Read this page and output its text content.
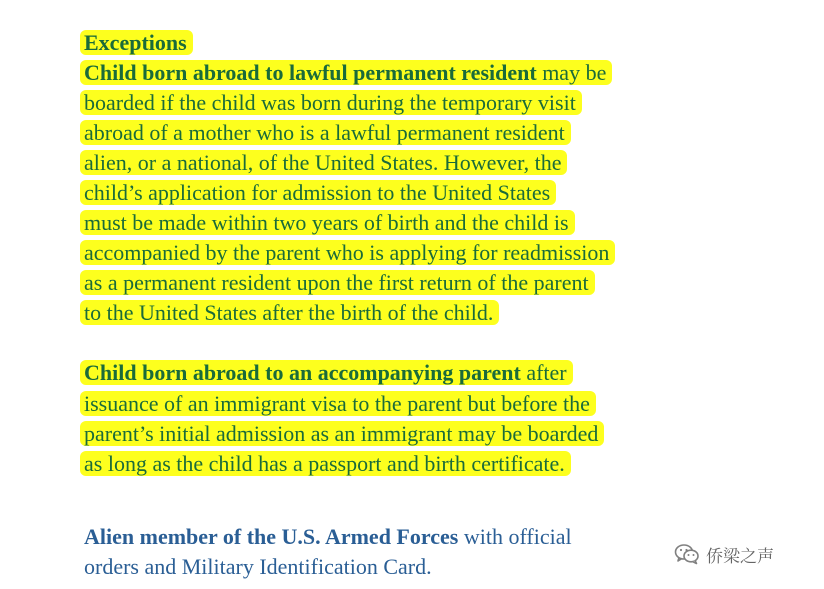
Exceptions
Child born abroad to lawful permanent resident may be
boarded if the child was born during the temporary visit
abroad of a mother who is a lawful permanent resident
alien, or a national, of the United States. However, the
child’s application for admission to the United States
must be made within two years of birth and the child is
accompanied by the parent who is applying for readmission
as a permanent resident upon the first return of the parent
to the United States after the birth of the child.
Child born abroad to an accompanying parent after
issuance of an immigrant visa to the parent but before the
parent’s initial admission as an immigrant may be boarded
as long as the child has a passport and birth certificate.
Alien member of the U.S. Armed Forces with official
orders and Military Identification Card.	侨梁之声
